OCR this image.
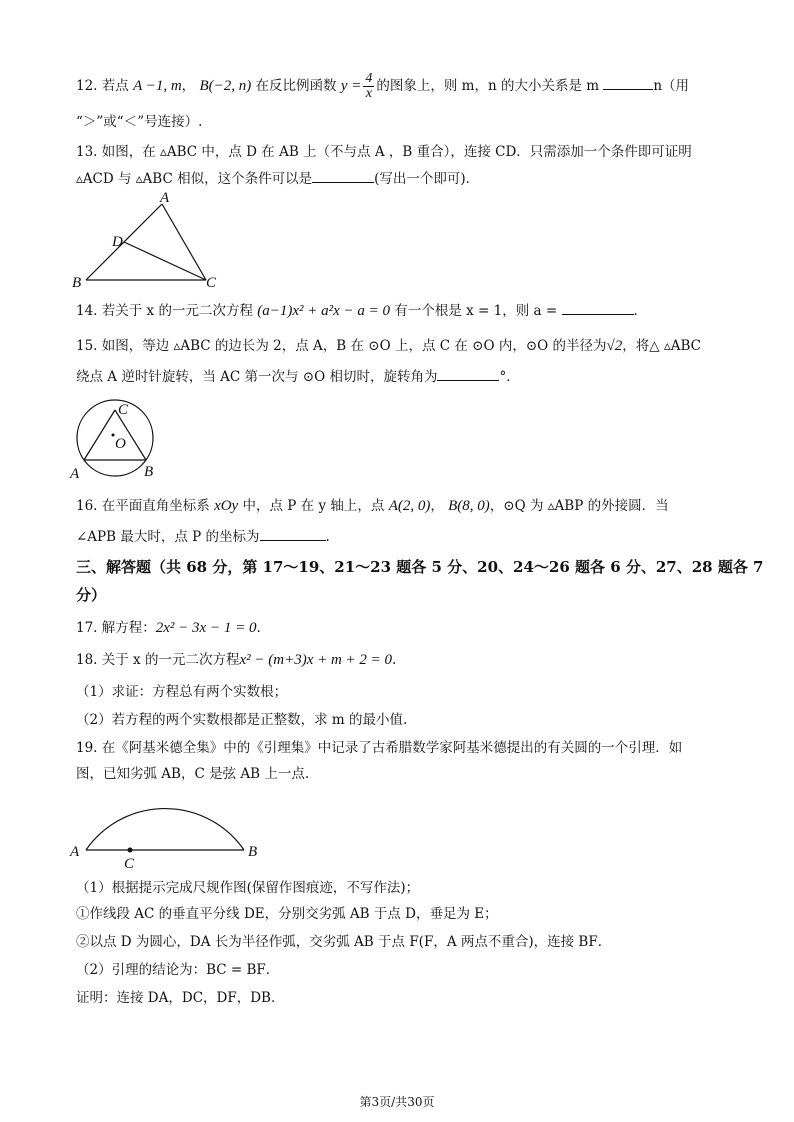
12. 若点 A −1, m， B(−2, n) 在反比例函数 $y = \frac{4}{x}$ 的图象上，则 m，n 的大小关系是 m	n（用
“＞”或“＜”号连接）.
13. 如图，在 ▵ABC 中，点 D 在 AB 上（不与点 A ，B 重合），连接 CD．只需添加一个条件即可证明
▵ACD 与 ▵ABC 相似，这个条件可以是	(写出一个即可)．
A
D
B	C
14. 若关于 x 的一元二次方程 (a−1)x² + a²x − a = 0 有一个根是 x = 1，则 a =	.
15. 如图，等边 ▵ABC 的边长为 2，点 A，B 在 ⊙O 上，点 C 在 ⊙O 内，⊙O 的半径为√2，将△ ▵ABC
绕点 A 逆时针旋转，当 AC 第一次与 ⊙O 相切时，旋转角为	°．
C
O
A	B
16. 在平面直角坐标系 xOy 中，点 P 在 y 轴上，点 A(2, 0)， B(8, 0)，⊙Q 为 ▵ABP 的外接圆．当
∠APB 最大时，点 P 的坐标为	.
三、解答题（共 68 分，第 17～19、21～23 题各 5 分、20、24～26 题各 6 分、27、28 题各 7
分）
17. 解方程：2x² − 3x − 1 = 0.
18. 关于 x 的一元二次方程x² − (m+3)x + m + 2 = 0.
（1）求证：方程总有两个实数根；
（2）若方程的两个实数根都是正整数，求 m 的最小值.
19. 在《阿基米德全集》中的《引理集》中记录了古希腊数学家阿基米德提出的有关圆的一个引理．如
图，已知劣弧 AB，C 是弦 AB 上一点.
A	B
C
（1）根据提示完成尺规作图(保留作图痕迹，不写作法)；
①作线段 AC 的垂直平分线 DE，分别交劣弧 AB 于点 D，垂足为 E；
②以点 D 为圆心，DA 长为半径作弧，交劣弧 AB 于点 F(F，A 两点不重合)，连接 BF．
（2）引理的结论为：BC = BF．
证明：连接 DA，DC，DF，DB．
第3页/共30页
